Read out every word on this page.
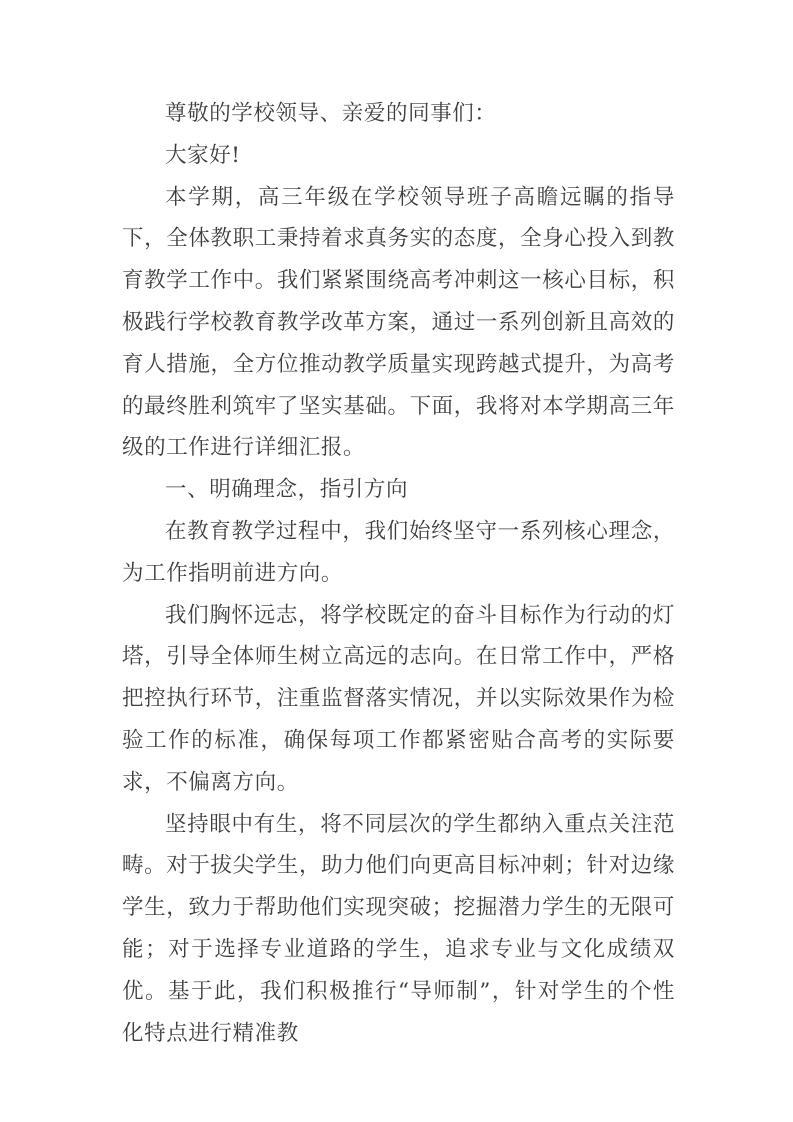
尊敬的学校领导、亲爱的同事们：

大家好!

本学期，高三年级在学校领导班子高瞻远瞩的指导下，全体教职工秉持着求真务实的态度，全身心投入到教育教学工作中。我们紧紧围绕高考冲刺这一核心目标，积极践行学校教育教学改革方案，通过一系列创新且高效的育人措施，全方位推动教学质量实现跨越式提升，为高考的最终胜利筑牢了坚实基础。下面，我将对本学期高三年级的工作进行详细汇报。

一、明确理念，指引方向

在教育教学过程中，我们始终坚守一系列核心理念，为工作指明前进方向。

我们胸怀远志，将学校既定的奋斗目标作为行动的灯塔，引导全体师生树立高远的志向。在日常工作中，严格把控执行环节，注重监督落实情况，并以实际效果作为检验工作的标准，确保每项工作都紧密贴合高考的实际要求，不偏离方向。

坚持眼中有生，将不同层次的学生都纳入重点关注范畴。对于拔尖学生，助力他们向更高目标冲刺；针对边缘学生，致力于帮助他们实现突破；挖掘潜力学生的无限可能；对于选择专业道路的学生，追求专业与文化成绩双优。基于此，我们积极推行“导师制”，针对学生的个性化特点进行精准教
